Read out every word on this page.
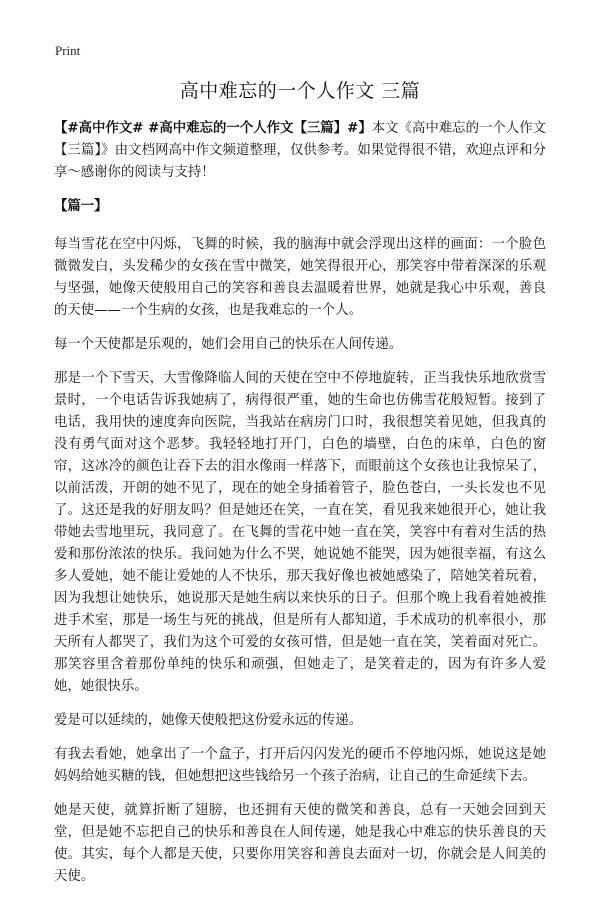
Print
高中难忘的一个人作文 三篇

【#高中作文# #高中难忘的一个人作文【三篇】#】本文《高中难忘的一个人作文【三篇】》由文档网高中作文频道整理，仅供参考。如果觉得很不错，欢迎点评和分享～感谢你的阅读与支持！

【篇一】

每当雪花在空中闪烁，飞舞的时候，我的脑海中就会浮现出这样的画面：一个脸色微微发白，头发稀少的女孩在雪中微笑，她笑得很开心，那笑容中带着深深的乐观与坚强，她像天使般用自己的笑容和善良去温暖着世界，她就是我心中乐观，善良的天使——一个生病的女孩，也是我难忘的一个人。

每一个天使都是乐观的，她们会用自己的快乐在人间传递。

那是一个下雪天，大雪像降临人间的天使在空中不停地旋转，正当我快乐地欣赏雪景时，一个电话告诉我她病了，病得很严重，她的生命也仿佛雪花般短暂。接到了电话，我用快的速度奔向医院，当我站在病房门口时，我很想笑着见她，但我真的没有勇气面对这个恶梦。我轻轻地打开门，白色的墙壁，白色的床单，白色的窗帘，这冰冷的颜色让吞下去的泪水像雨一样落下，而眼前这个女孩也让我惊呆了，以前活泼，开朗的她不见了，现在的她全身插着管子，脸色苍白，一头长发也不见了。这还是我的好朋友吗？但是她还在笑，一直在笑，看见我来她很开心，她让我带她去雪地里玩，我同意了。在飞舞的雪花中她一直在笑，笑容中有着对生活的热爱和那份浓浓的快乐。我问她为什么不哭，她说她不能哭，因为她很幸福，有这么多人爱她，她不能让爱她的人不快乐，那天我好像也被她感染了，陪她笑着玩着，因为我想让她快乐，她说那天是她生病以来快乐的日子。但那个晚上我看着她被推进手术室，那是一场生与死的挑战，但是所有人都知道，手术成功的机率很小，那天所有人都哭了，我们为这个可爱的女孩可惜，但是她一直在笑，笑着面对死亡。那笑容里含着那份单纯的快乐和顽强，但她走了，是笑着走的，因为有许多人爱她，她很快乐。

爱是可以延续的，她像天使般把这份爱永远的传递。

有我去看她，她拿出了一个盒子，打开后闪闪发光的硬币不停地闪烁，她说这是她妈妈给她买糖的钱，但她想把这些钱给另一个孩子治病，让自己的生命延续下去。

她是天使，就算折断了翅膀，也还拥有天使的微笑和善良，总有一天她会回到天堂，但是她不忘把自己的快乐和善良在人间传递，她是我心中难忘的快乐善良的天使。其实，每个人都是天使，只要你用笑容和善良去面对一切，你就会是人间美的天使。
